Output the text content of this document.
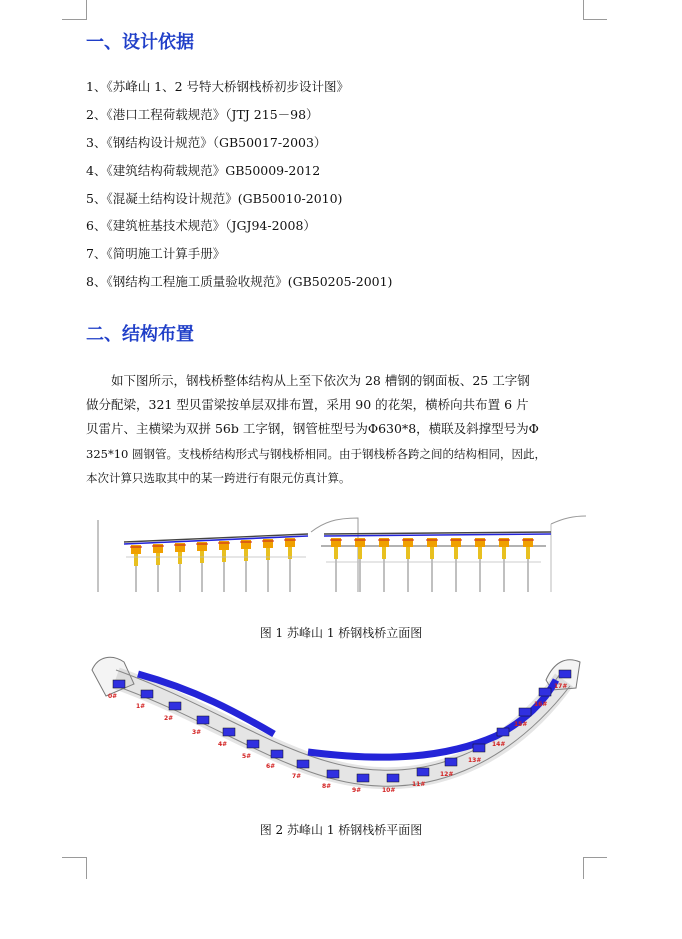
一、设计依据
1、《苏峰山 1、2 号特大桥钢栈桥初步设计图》
2、《港口工程荷载规范》（JTJ 215－98）
3、《钢结构设计规范》（GB50017-2003）
4、《建筑结构荷载规范》GB50009-2012
5、《混凝土结构设计规范》(GB50010-2010)
6、《建筑桩基技术规范》（JGJ94-2008）
7、《简明施工计算手册》
8、《钢结构工程施工质量验收规范》(GB50205-2001)
二、结构布置

如下图所示，钢栈桥整体结构从上至下依次为 28 槽钢的钢面板、25 工字钢
做分配梁，321 型贝雷梁按单层双排布置，采用 90 的花架，横桥向共布置 6 片
贝雷片、主横梁为双拼 56b 工字钢，钢管桩型号为Φ630*8，横联及斜撑型号为Φ
325*10 圆钢管。支栈桥结构形式与钢栈桥相同。由于钢栈桥各跨之间的结构相同，因此，
本次计算只选取其中的某一跨进行有限元仿真计算。

图 1 苏峰山 1 桥钢栈桥立面图

0#
1#
2#
3#
4#
5#
6#
7#
8#
9#	10#
11#
12#
13#
14#
15#
16#
17#

图 2 苏峰山 1 桥钢栈桥平面图
